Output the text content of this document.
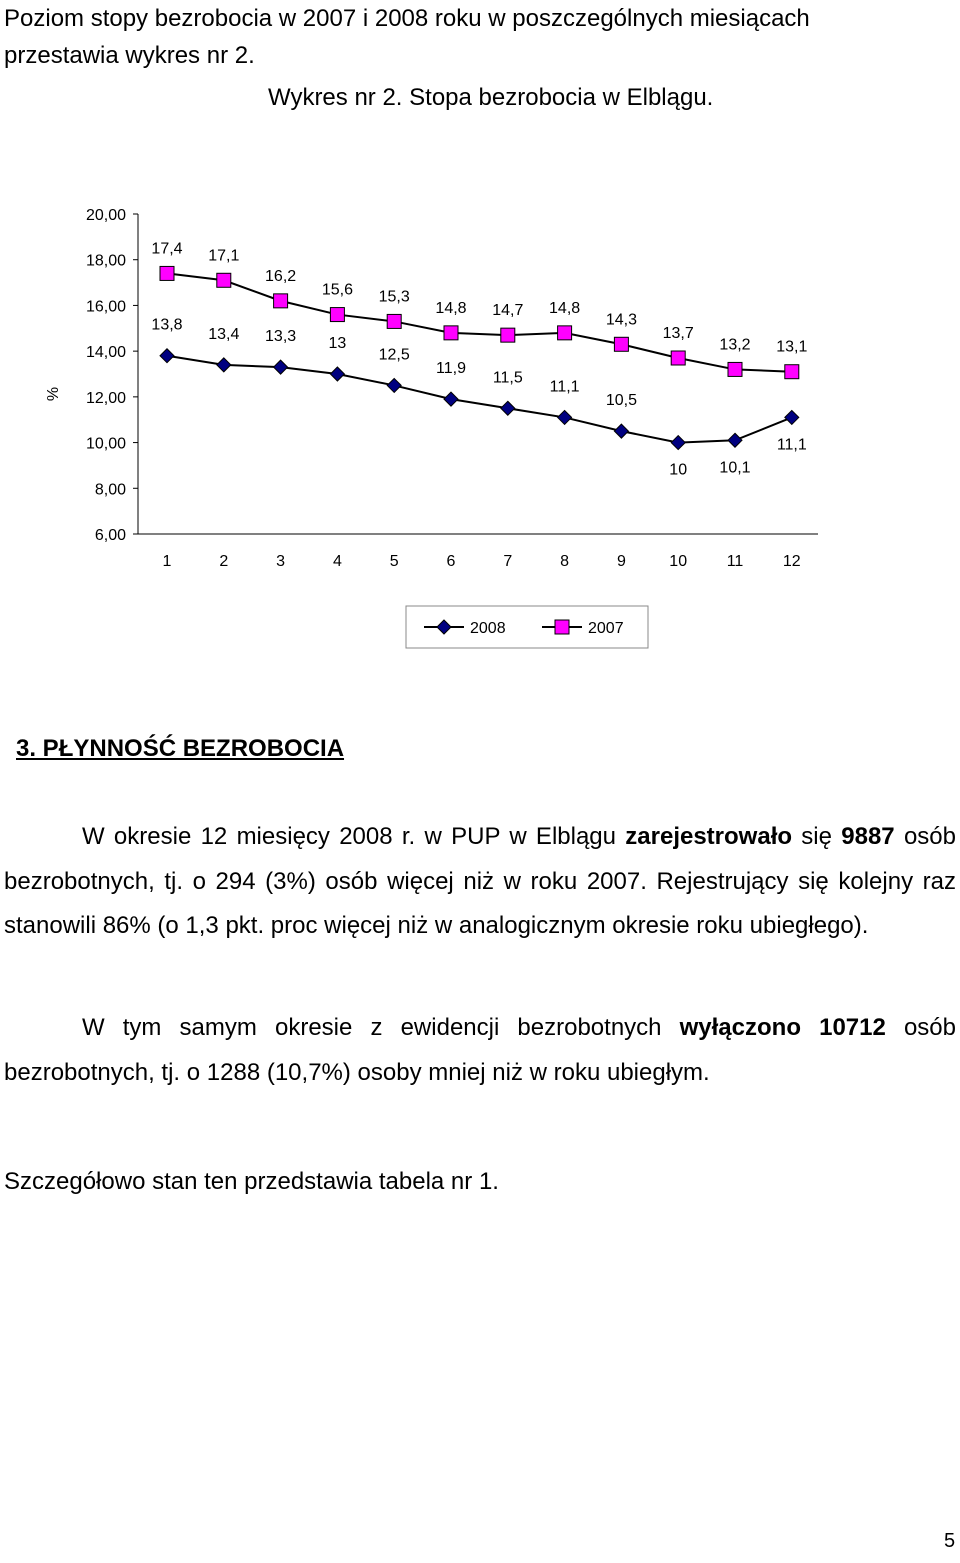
Poziom stopy bezrobocia w 2007 i 2008 roku w poszczególnych miesiącach
przestawia wykres nr 2.
Wykres nr 2. Stopa bezrobocia w Elblągu.
6,00
8,00
10,00
12,00
14,00
16,00
18,00
20,00
1	2	3	4	5	6	7	8	9	10 11 12
13,8
13,4 13,3 13
12,5
11,9
11,5
11,1
10,5
10 10,1
11,1
17,4 17,1
16,2
15,6 15,3
14,8 14,7 14,8
14,3
13,7
13,2 13,1
%
2008	2007
3. PŁYNNOŚĆ BEZROBOCIA
W okresie 12 miesięcy 2008 r. w PUP w Elblągu zarejestrowało się 9887 osób bezrobotnych, tj. o 294 (3%) osób więcej niż w roku 2007. Rejestrujący się kolejny raz stanowili 86% (o 1,3 pkt. proc więcej niż w analogicznym okresie roku ubiegłego).
W tym samym okresie z ewidencji bezrobotnych wyłączono 10712 osób bezrobotnych, tj. o 1288 (10,7%) osoby mniej niż w roku ubiegłym.
Szczegółowo stan ten przedstawia tabela nr 1.
5
